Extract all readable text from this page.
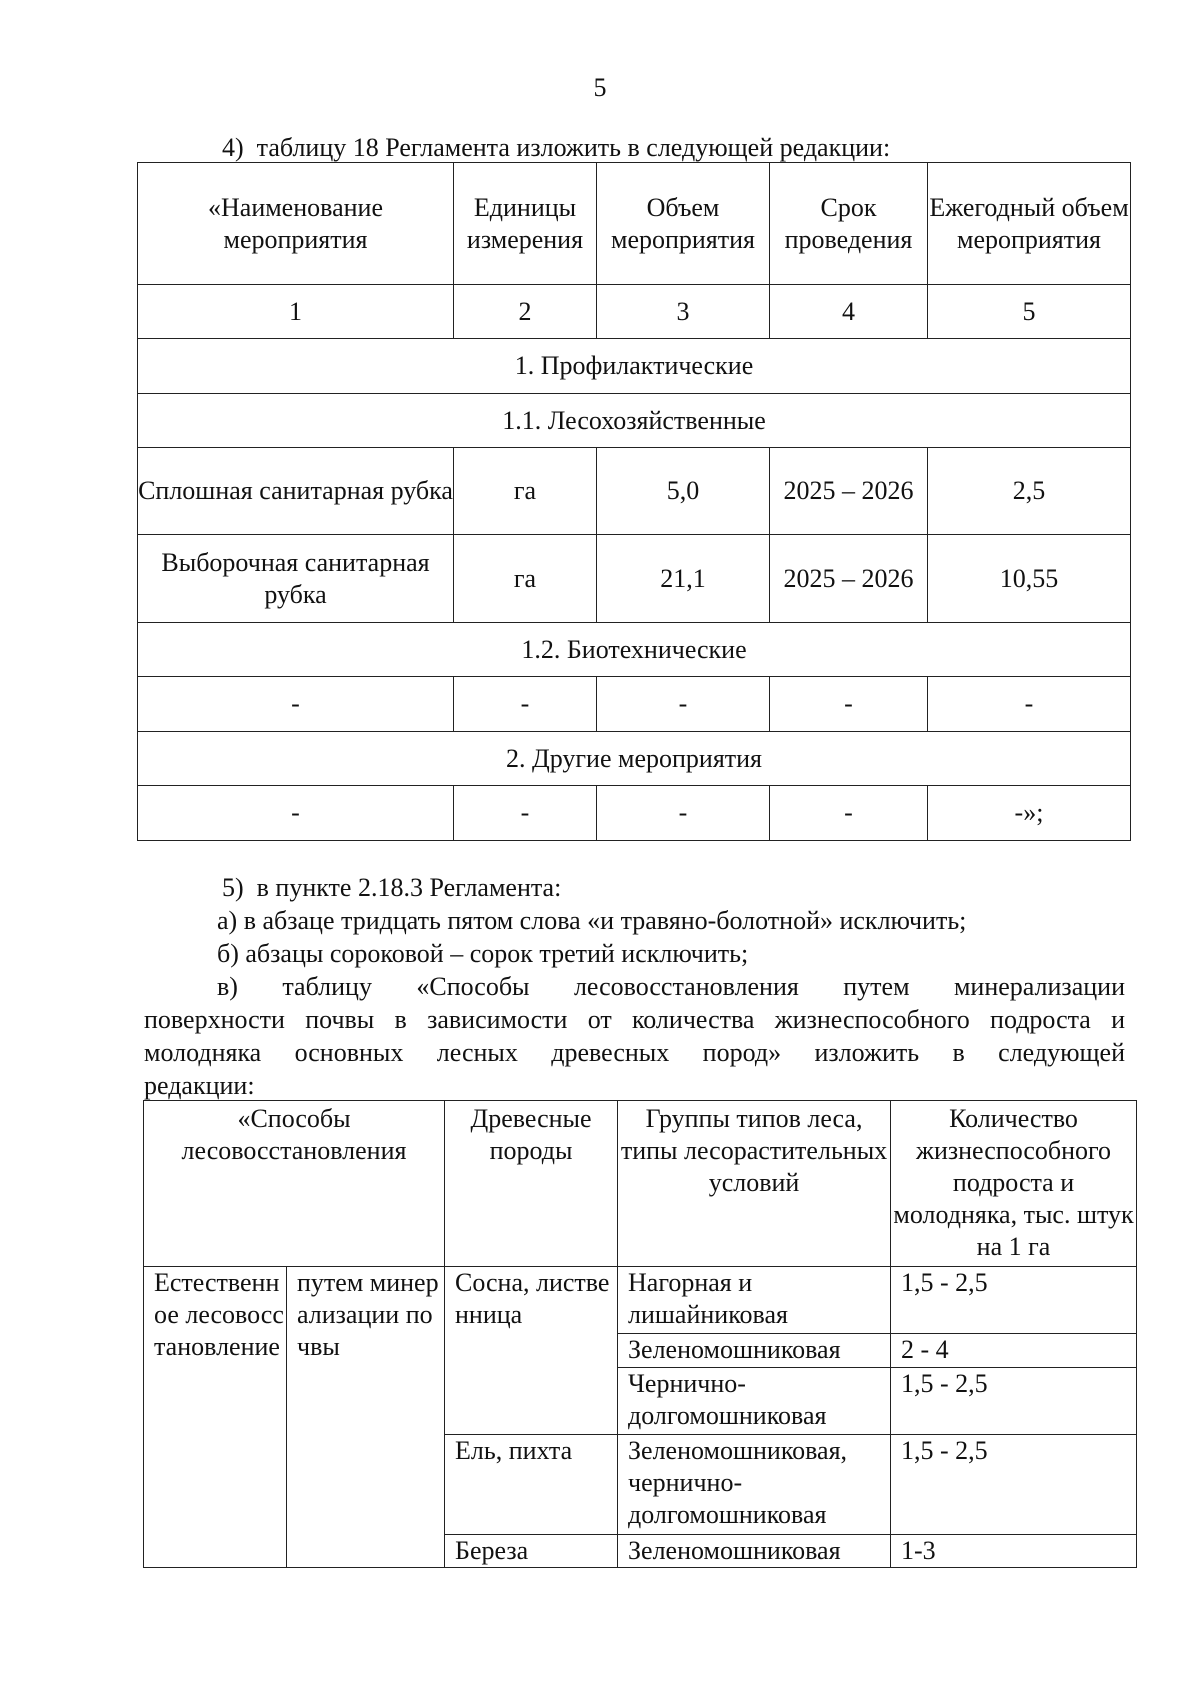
5
4)  таблицу 18 Регламента изложить в следующей редакции:
«Наименование мероприятия	Единицы измерения	Объем мероприятия	Срок проведения	Ежегодный объем мероприятия
1	2	3	4	5
1. Профилактические				
1.1. Лесохозяйственные				
Сплошная санитарная рубка	га	5,0	2025 – 2026	2,5
Выборочная санитарная рубка	га	21,1	2025 – 2026	10,55
1.2. Биотехнические				
-	-	-	-	-
2. Другие мероприятия				
-	-	-	-	-»;
5)  в пункте 2.18.3 Регламента:
а) в абзаце тридцать пятом слова «и травяно-болотной» исключить;
б) абзацы сороковой – сорок третий исключить;
в) таблицу «Способы лесовосстановления путем минерализации
поверхности почвы в зависимости от количества жизнеспособного подроста и
молодняка основных лесных древесных пород» изложить в следующей
редакции:
«Способы лесовосстановления		Древесные породы	Группы типов леса, типы лесорастительных условий	Количество жизнеспособного подроста и молодняка, тыс. штук на 1 га
Естественное лесовосстановление	путем минерализации почвы	Сосна, лиственница	Нагорная и лишайниковая	1,5 - 2,5
			Зеленомошниковая	2 - 4
			Чернично-долгомошниковая	1,5 - 2,5
		Ель, пихта	Зеленомошниковая, чернично-долгомошниковая	1,5 - 2,5
		Береза	Зеленомошниковая	1-3
